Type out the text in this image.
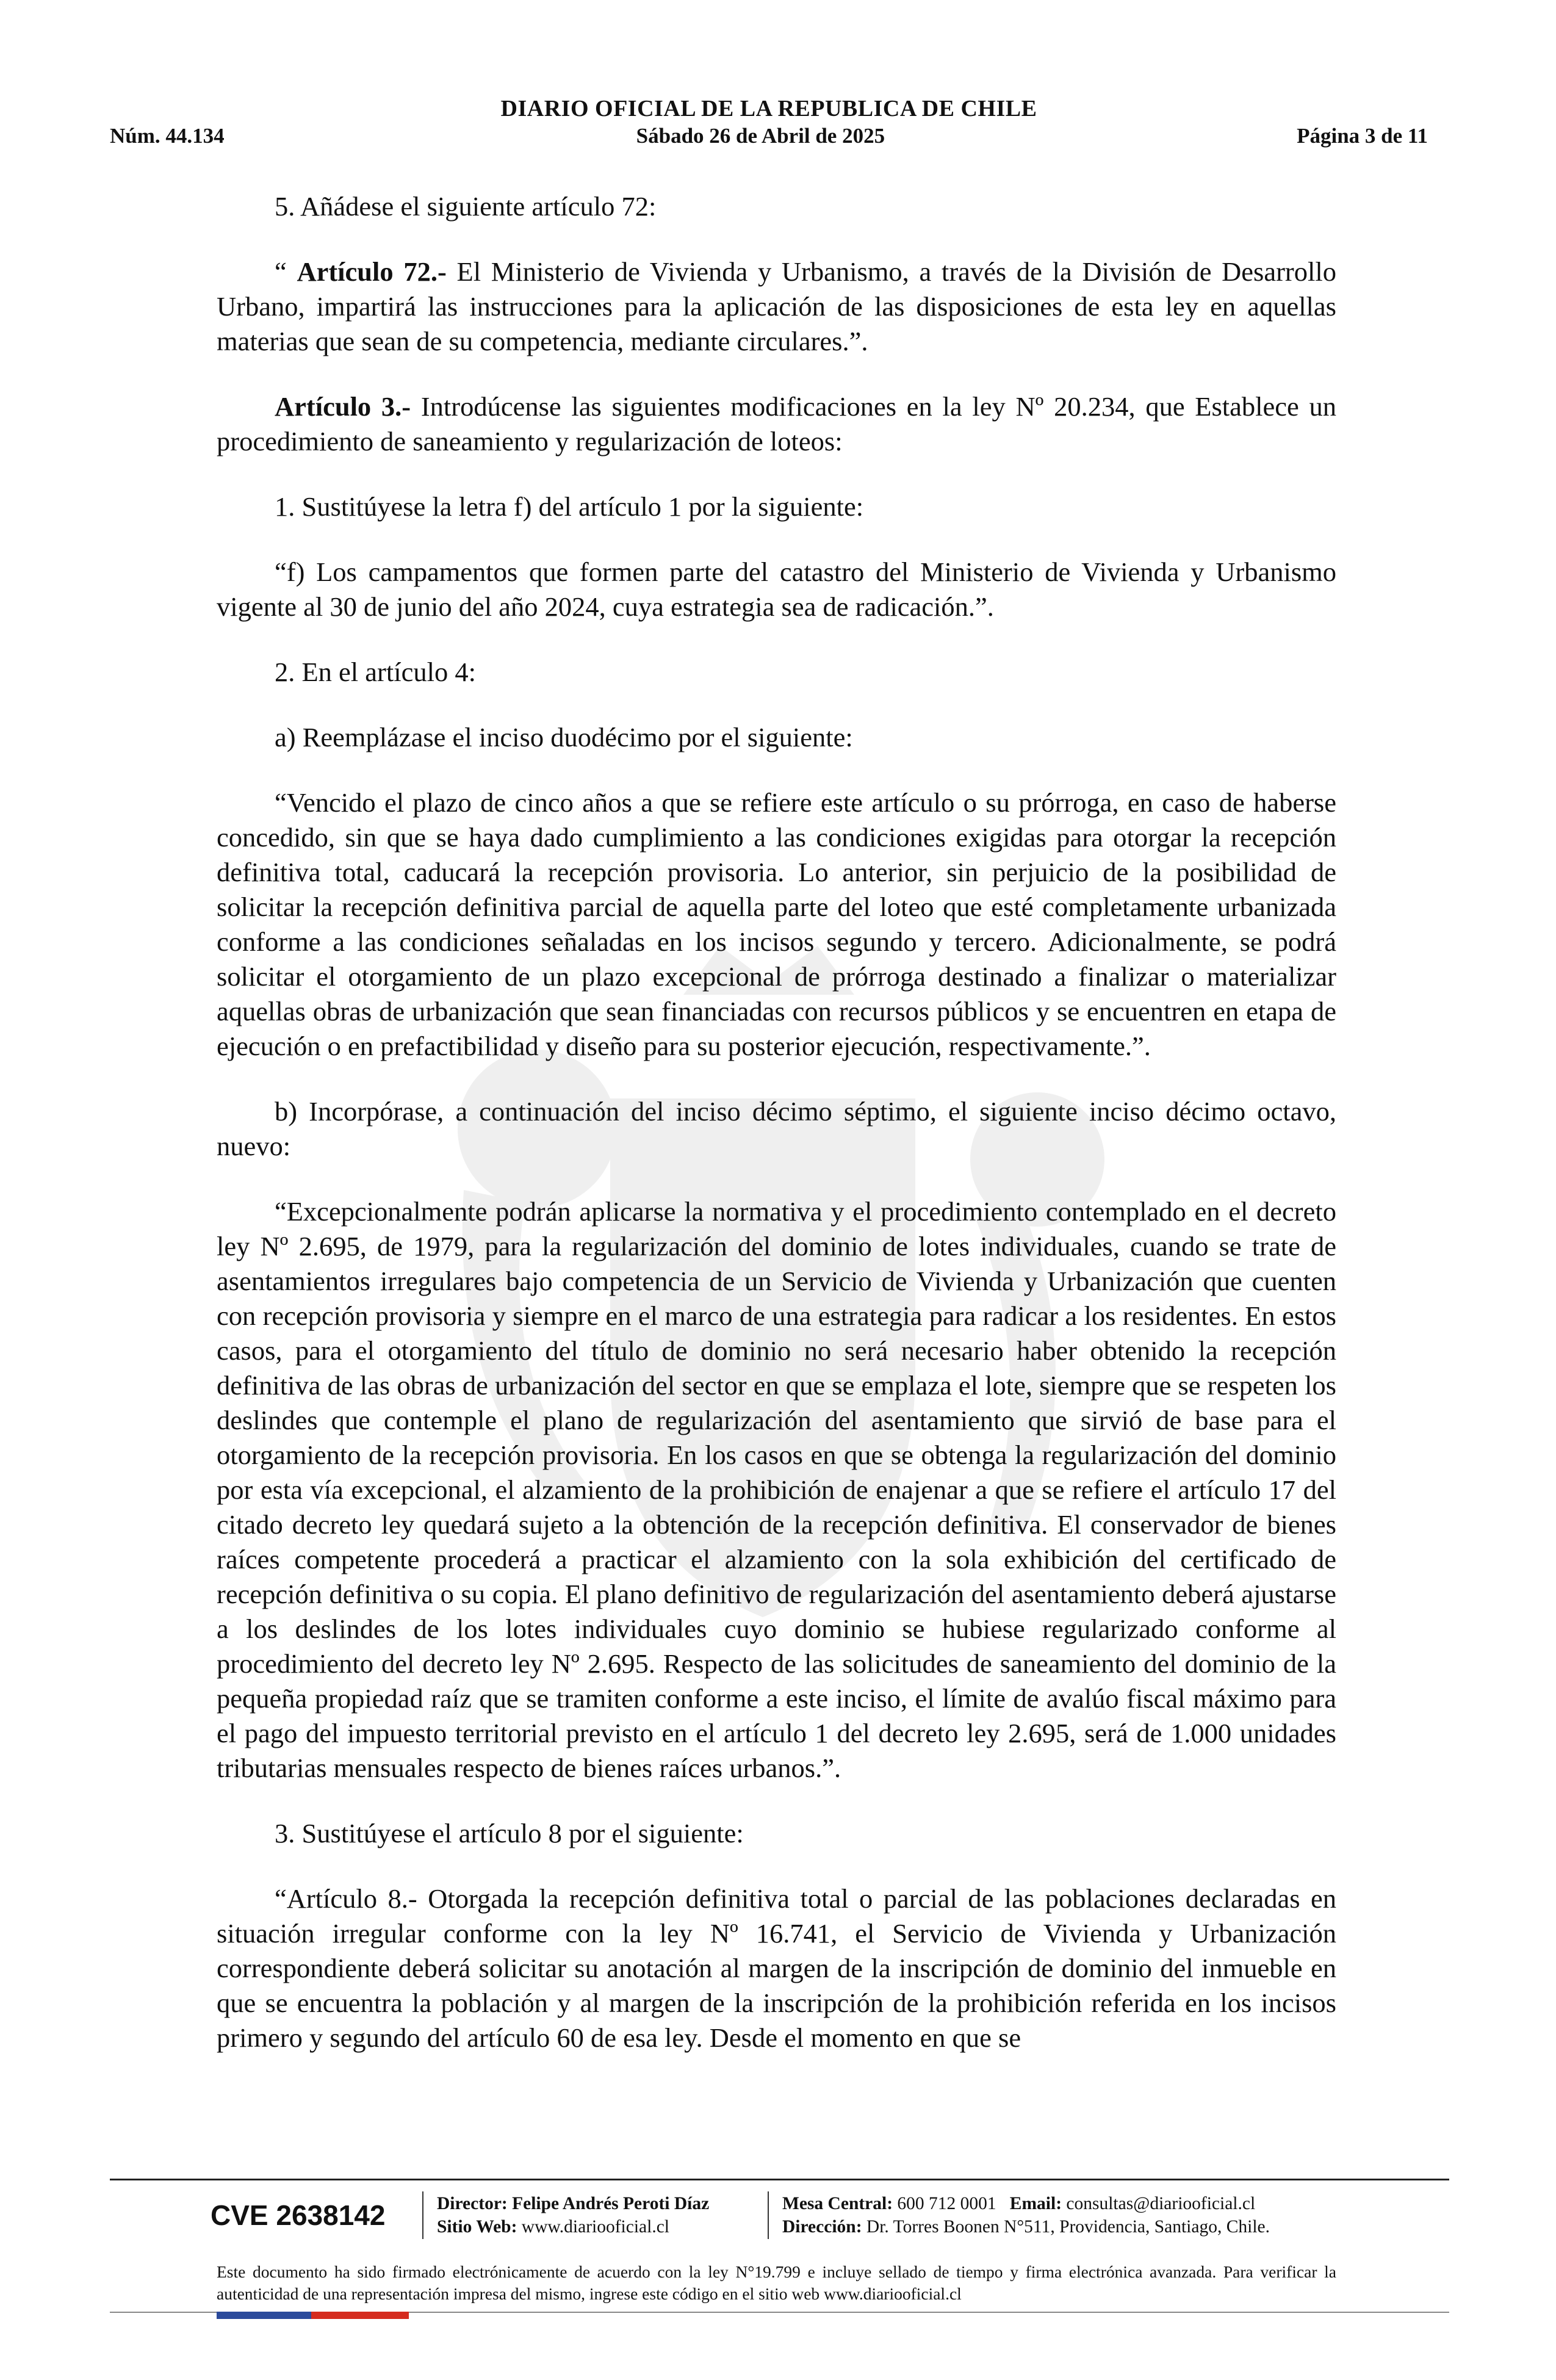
DIARIO OFICIAL DE LA REPUBLICA DE CHILE
Núm. 44.134	Sábado 26 de Abril de 2025	Página 3 de 11

5. Añádese el siguiente artículo 72:

“ Artículo 72.- El Ministerio de Vivienda y Urbanismo, a través de la División de Desarrollo Urbano, impartirá las instrucciones para la aplicación de las disposiciones de esta ley en aquellas materias que sean de su competencia, mediante circulares.”.

Artículo 3.- Introdúcense las siguientes modificaciones en la ley Nº 20.234, que Establece un procedimiento de saneamiento y regularización de loteos:

1. Sustitúyese la letra f) del artículo 1 por la siguiente:

“f) Los campamentos que formen parte del catastro del Ministerio de Vivienda y Urbanismo vigente al 30 de junio del año 2024, cuya estrategia sea de radicación.”.

2. En el artículo 4:

a) Reemplázase el inciso duodécimo por el siguiente:

“Vencido el plazo de cinco años a que se refiere este artículo o su prórroga, en caso de haberse concedido, sin que se haya dado cumplimiento a las condiciones exigidas para otorgar la recepción definitiva total, caducará la recepción provisoria. Lo anterior, sin perjuicio de la posibilidad de solicitar la recepción definitiva parcial de aquella parte del loteo que esté completamente urbanizada conforme a las condiciones señaladas en los incisos segundo y tercero. Adicionalmente, se podrá solicitar el otorgamiento de un plazo excepcional de prórroga destinado a finalizar o materializar aquellas obras de urbanización que sean financiadas con recursos públicos y se encuentren en etapa de ejecución o en prefactibilidad y diseño para su posterior ejecución, respectivamente.”.

b) Incorpórase, a continuación del inciso décimo séptimo, el siguiente inciso décimo octavo, nuevo:

“Excepcionalmente podrán aplicarse la normativa y el procedimiento contemplado en el decreto ley Nº 2.695, de 1979, para la regularización del dominio de lotes individuales, cuando se trate de asentamientos irregulares bajo competencia de un Servicio de Vivienda y Urbanización que cuenten con recepción provisoria y siempre en el marco de una estrategia para radicar a los residentes. En estos casos, para el otorgamiento del título de dominio no será necesario haber obtenido la recepción definitiva de las obras de urbanización del sector en que se emplaza el lote, siempre que se respeten los deslindes que contemple el plano de regularización del asentamiento que sirvió de base para el otorgamiento de la recepción provisoria. En los casos en que se obtenga la regularización del dominio por esta vía excepcional, el alzamiento de la prohibición de enajenar a que se refiere el artículo 17 del citado decreto ley quedará sujeto a la obtención de la recepción definitiva. El conservador de bienes raíces competente procederá a practicar el alzamiento con la sola exhibición del certificado de recepción definitiva o su copia. El plano definitivo de regularización del asentamiento deberá ajustarse a los deslindes de los lotes individuales cuyo dominio se hubiese regularizado conforme al procedimiento del decreto ley Nº 2.695. Respecto de las solicitudes de saneamiento del dominio de la pequeña propiedad raíz que se tramiten conforme a este inciso, el límite de avalúo fiscal máximo para el pago del impuesto territorial previsto en el artículo 1 del decreto ley 2.695, será de 1.000 unidades tributarias mensuales respecto de bienes raíces urbanos.”.

3. Sustitúyese el artículo 8 por el siguiente:

“Artículo 8.- Otorgada la recepción definitiva total o parcial de las poblaciones declaradas en situación irregular conforme con la ley Nº 16.741, el Servicio de Vivienda y Urbanización correspondiente deberá solicitar su anotación al margen de la inscripción de dominio del inmueble en que se encuentra la población y al margen de la inscripción de la prohibición referida en los incisos primero y segundo del artículo 60 de esa ley. Desde el momento en que se

CVE 2638142	Director: Felipe Andrés Peroti Díaz
Sitio Web: www.diariooficial.cl
Mesa Central: 600 712 0001 Email: consultas@diariooficial.cl
Dirección: Dr. Torres Boonen N°511, Providencia, Santiago, Chile.
Este documento ha sido firmado electrónicamente de acuerdo con la ley N°19.799 e incluye sellado de tiempo y firma electrónica avanzada. Para verificar la autenticidad de una representación impresa del mismo, ingrese este código en el sitio web www.diariooficial.cl
